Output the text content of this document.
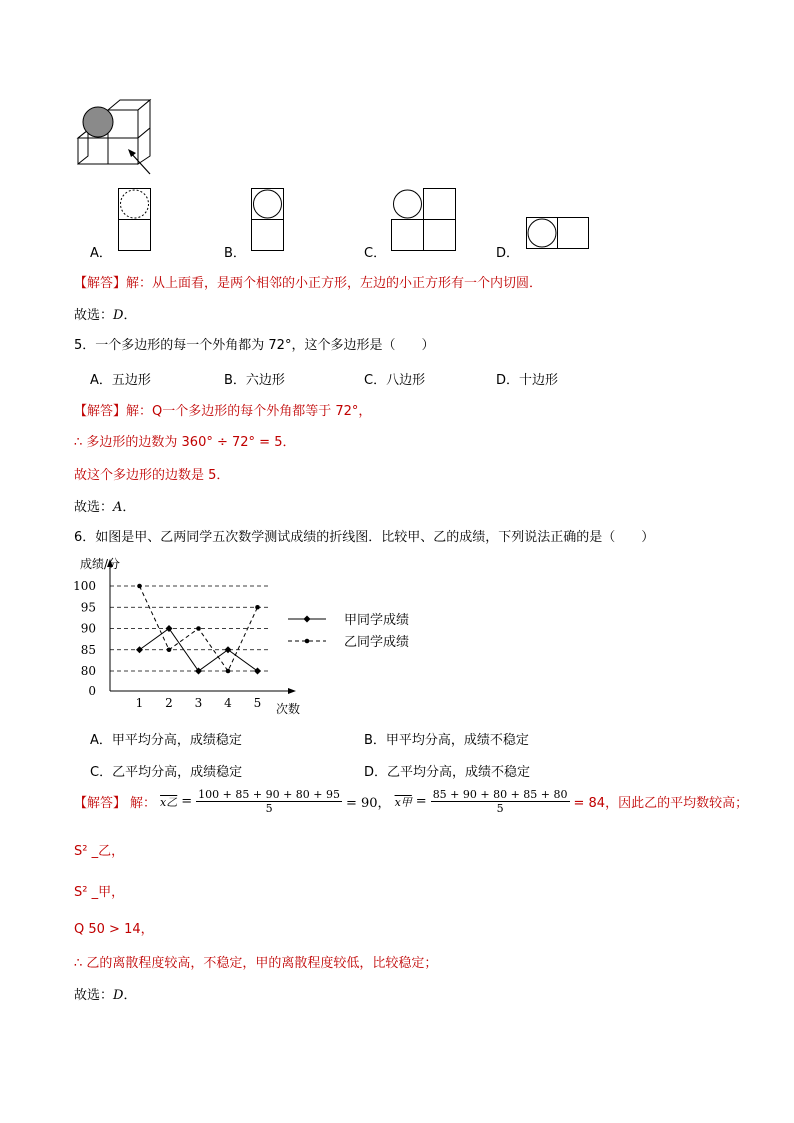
A．	B．	C．	D．
【解答】解：从上面看，是两个相邻的小正方形，左边的小正方形有一个内切圆．
故选：D．
5．一个多边形的每一个外角都为 72°，这个多边形是（　　）
A．五边形	B．六边形	C．八边形	D．十边形
【解答】解：Q一个多边形的每个外角都等于 72°，
∴ 多边形的边数为 360° ÷ 72° = 5．
故这个多边形的边数是 5．
故选：A．
6．如图是甲、乙两同学五次数学测试成绩的折线图．比较甲、乙的成绩，下列说法正确的是（　　）
0
80
85
90
95
100
成绩/分
次数
1 2 3 4 5
甲同学成绩
乙同学成绩
A．甲平均分高，成绩稳定	B．甲平均分高，成绩不稳定
C．乙平均分高，成绩稳定	D．乙平均分高，成绩不稳定
【解答】 解： x乙 = $\frac{100 + 85 + 90 + 80 + 95}{5} = 90$， x甲 = $\frac{85 + 90 + 80 + 85 + 80}{5} = 84$，因此乙的平均数较高；
S² _乙，
S² _甲，
Q 50 > 14，
∴ 乙的离散程度较高，不稳定，甲的离散程度较低，比较稳定；
故选：D．
